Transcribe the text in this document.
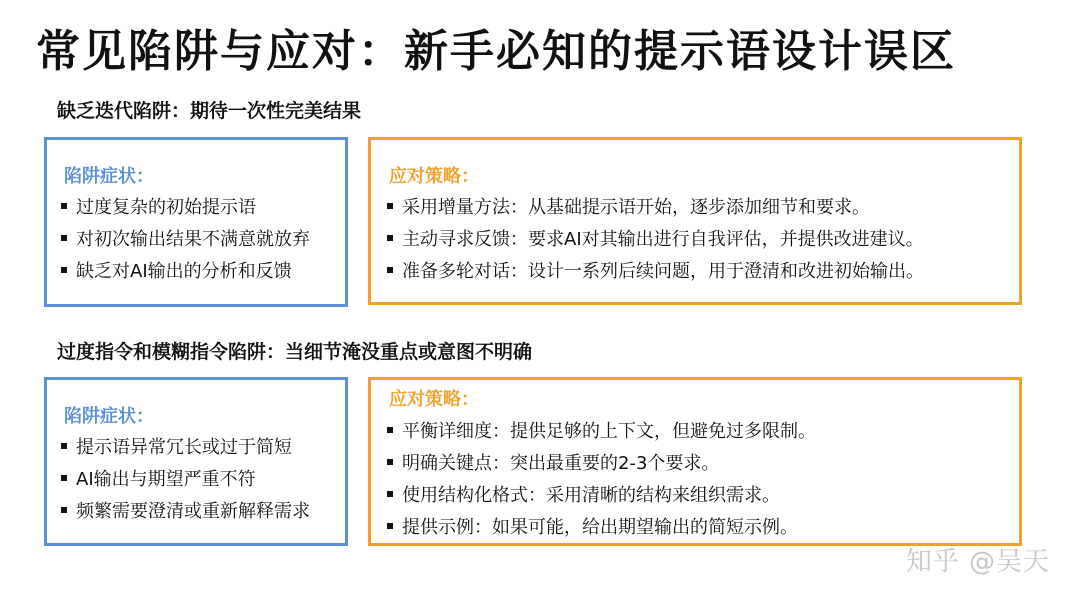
常见陷阱与应对：新手必知的提示语设计误区
缺乏迭代陷阱：期待一次性完美结果
陷阱症状：
过度复杂的初始提示语
对初次输出结果不满意就放弃
缺乏对AI输出的分析和反馈
应对策略：
采用增量方法：从基础提示语开始，逐步添加细节和要求。
主动寻求反馈：要求AI对其输出进行自我评估，并提供改进建议。
准备多轮对话：设计一系列后续问题，用于澄清和改进初始输出。
过度指令和模糊指令陷阱：当细节淹没重点或意图不明确
陷阱症状：
提示语异常冗长或过于简短
AI输出与期望严重不符
频繁需要澄清或重新解释需求
应对策略：
平衡详细度：提供足够的上下文，但避免过多限制。
明确关键点：突出最重要的2-3个要求。
使用结构化格式：采用清晰的结构来组织需求。
提供示例：如果可能，给出期望输出的简短示例。
知乎 @吴天
